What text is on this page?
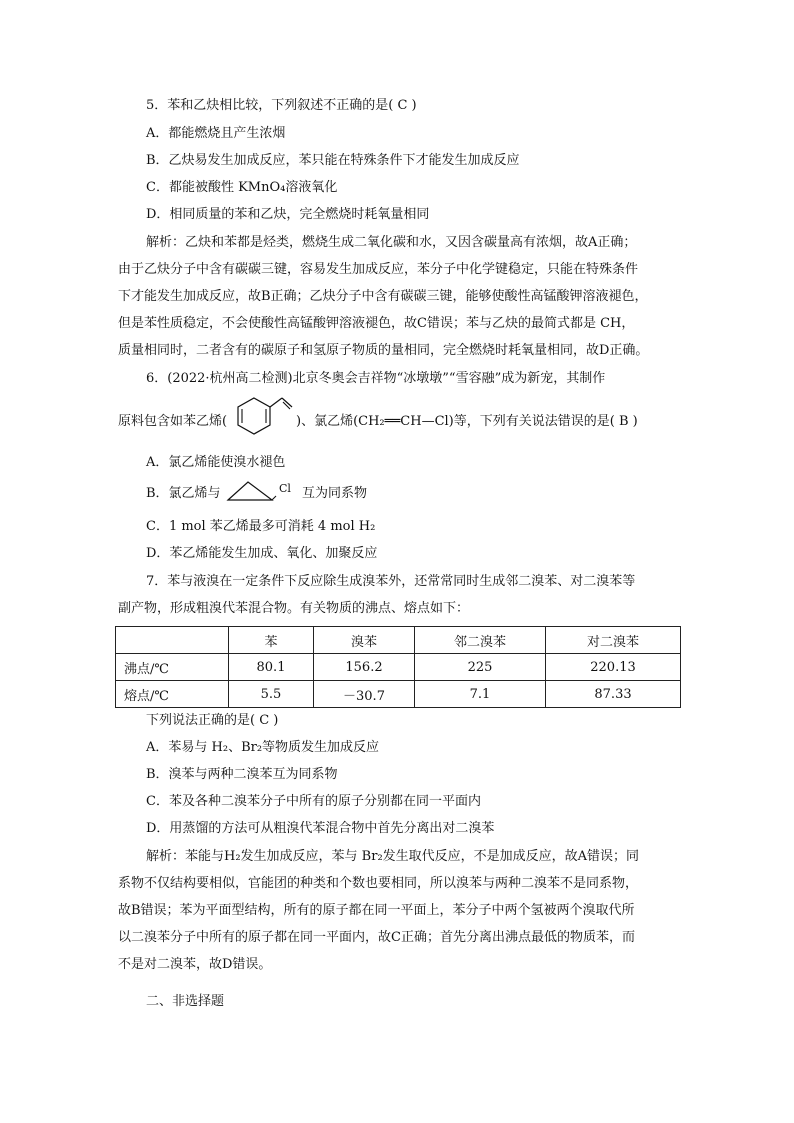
5．苯和乙炔相比较，下列叙述不正确的是( C )
A．都能燃烧且产生浓烟
B．乙炔易发生加成反应，苯只能在特殊条件下才能发生加成反应
C．都能被酸性 KMnO₄溶液氧化
D．相同质量的苯和乙炔，完全燃烧时耗氧量相同
解析：乙炔和苯都是烃类，燃烧生成二氧化碳和水，又因含碳量高有浓烟，故A正确；
由于乙炔分子中含有碳碳三键，容易发生加成反应，苯分子中化学键稳定，只能在特殊条件
下才能发生加成反应，故B正确；乙炔分子中含有碳碳三键，能够使酸性高锰酸钾溶液褪色，
但是苯性质稳定，不会使酸性高锰酸钾溶液褪色，故C错误；苯与乙炔的最简式都是 CH，
质量相同时，二者含有的碳原子和氢原子物质的量相同，完全燃烧时耗氧量相同，故D正确。
6．(2022·杭州高二检测)北京冬奥会吉祥物“冰墩墩”“雪容融”成为新宠，其制作
原料包含如苯乙烯(	)、氯乙烯(CH₂══CH—Cl)等，下列有关说法错误的是( B )
A．氯乙烯能使溴水褪色
B．氯乙烯与	Cl 互为同系物
C．1 mol 苯乙烯最多可消耗 4 mol H₂
D．苯乙烯能发生加成、氧化、加聚反应
7．苯与液溴在一定条件下反应除生成溴苯外，还常常同时生成邻二溴苯、对二溴苯等
副产物，形成粗溴代苯混合物。有关物质的沸点、熔点如下：
	苯	溴苯	邻二溴苯	对二溴苯
沸点/℃	80.1	156.2	225	220.13
熔点/℃	5.5	－30.7	7.1	87.33
下列说法正确的是( C )
A．苯易与 H₂、Br₂等物质发生加成反应
B．溴苯与两种二溴苯互为同系物
C．苯及各种二溴苯分子中所有的原子分别都在同一平面内
D．用蒸馏的方法可从粗溴代苯混合物中首先分离出对二溴苯
解析：苯能与H₂发生加成反应，苯与 Br₂发生取代反应，不是加成反应，故A错误；同
系物不仅结构要相似，官能团的种类和个数也要相同，所以溴苯与两种二溴苯不是同系物，
故B错误；苯为平面型结构，所有的原子都在同一平面上，苯分子中两个氢被两个溴取代所
以二溴苯分子中所有的原子都在同一平面内，故C正确；首先分离出沸点最低的物质苯，而
不是对二溴苯，故D错误。
二、非选择题
